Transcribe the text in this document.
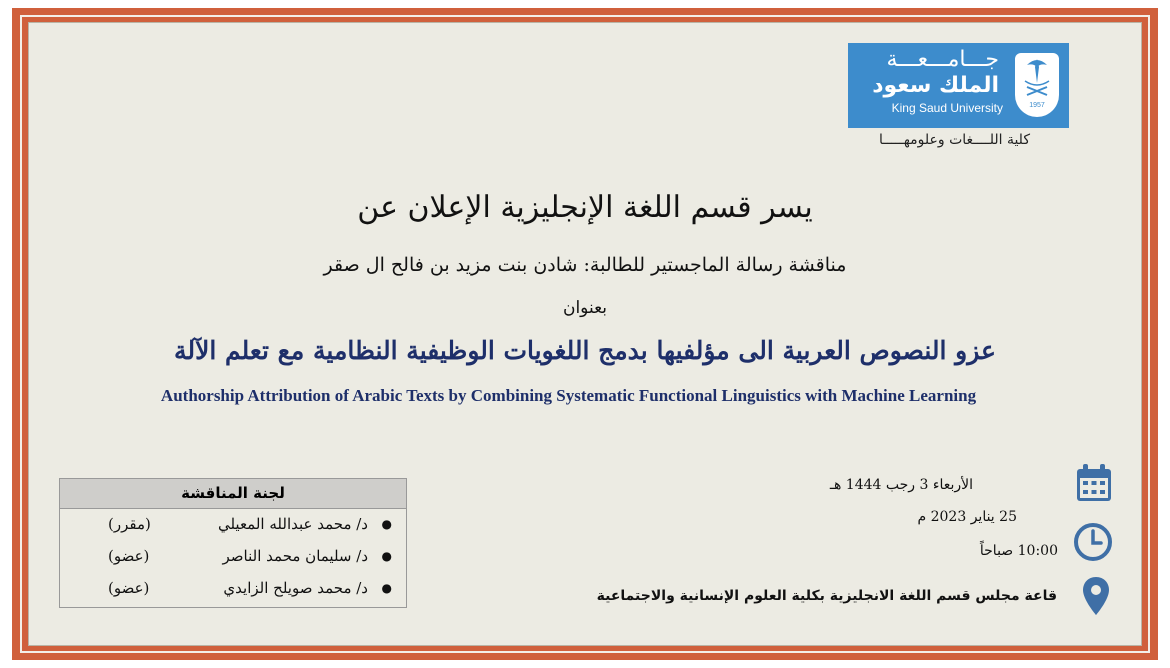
جـــامـــعـــة
الملك سعود
King Saud University	1957
كلية اللــــغات وعلومهـــــا
يسر قسم اللغة الإنجليزية الإعلان عن
مناقشة رسالة الماجستير للطالبة: شادن بنت مزيد بن فالح ال صقر
بعنوان
عزو النصوص العربية الى مؤلفيها بدمج اللغويات الوظيفية النظامية مع تعلم الآلة
Authorship Attribution of Arabic Texts by Combining Systematic Functional Linguistics with Machine Learning
لجنة المناقشة
●
د/ محمد عبدالله المعيلي
(مقرر)
●
د/ سليمان محمد الناصر
(عضو)
●
د/ محمد صويلح الزايدي
(عضو)
الأربعاء 3 رجب 1444 هـ
25 يناير 2023 م
10:00 صباحاً
قاعة مجلس قسم اللغة الانجليزية بكلية العلوم الإنسانية والاجتماعية
